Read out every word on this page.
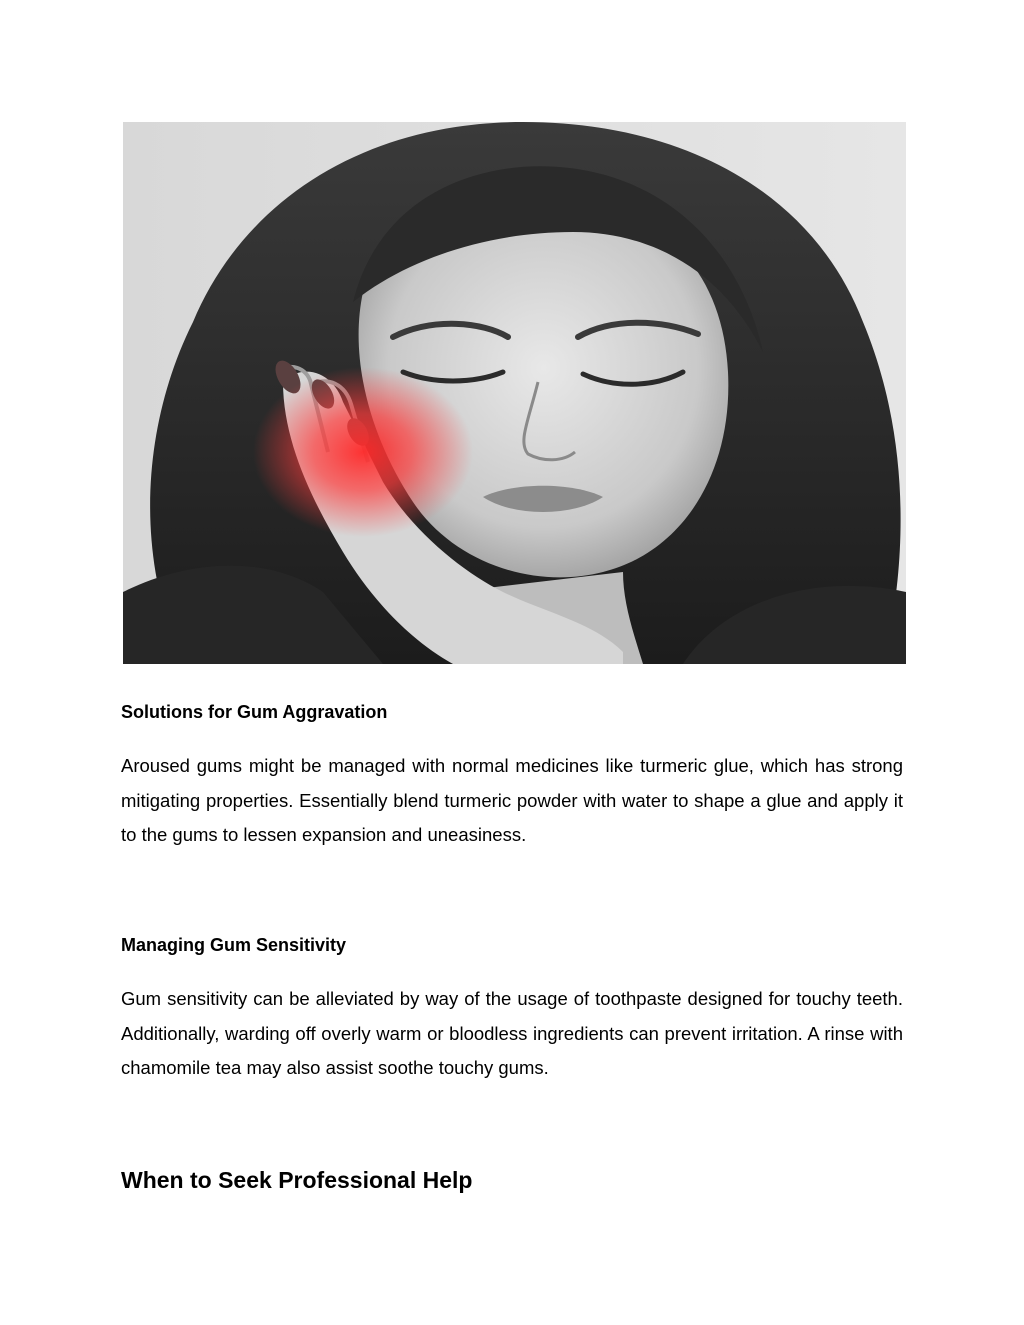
Solutions for Gum Aggravation

Aroused gums might be managed with normal medicines like turmeric glue, which has strong mitigating properties. Essentially blend turmeric powder with water to shape a glue and apply it to the gums to lessen expansion and uneasiness.

Managing Gum Sensitivity

Gum sensitivity can be alleviated by way of the usage of toothpaste designed for touchy teeth. Additionally, warding off overly warm or bloodless ingredients can prevent irritation. A rinse with chamomile tea may also assist soothe touchy gums.

When to Seek Professional Help
